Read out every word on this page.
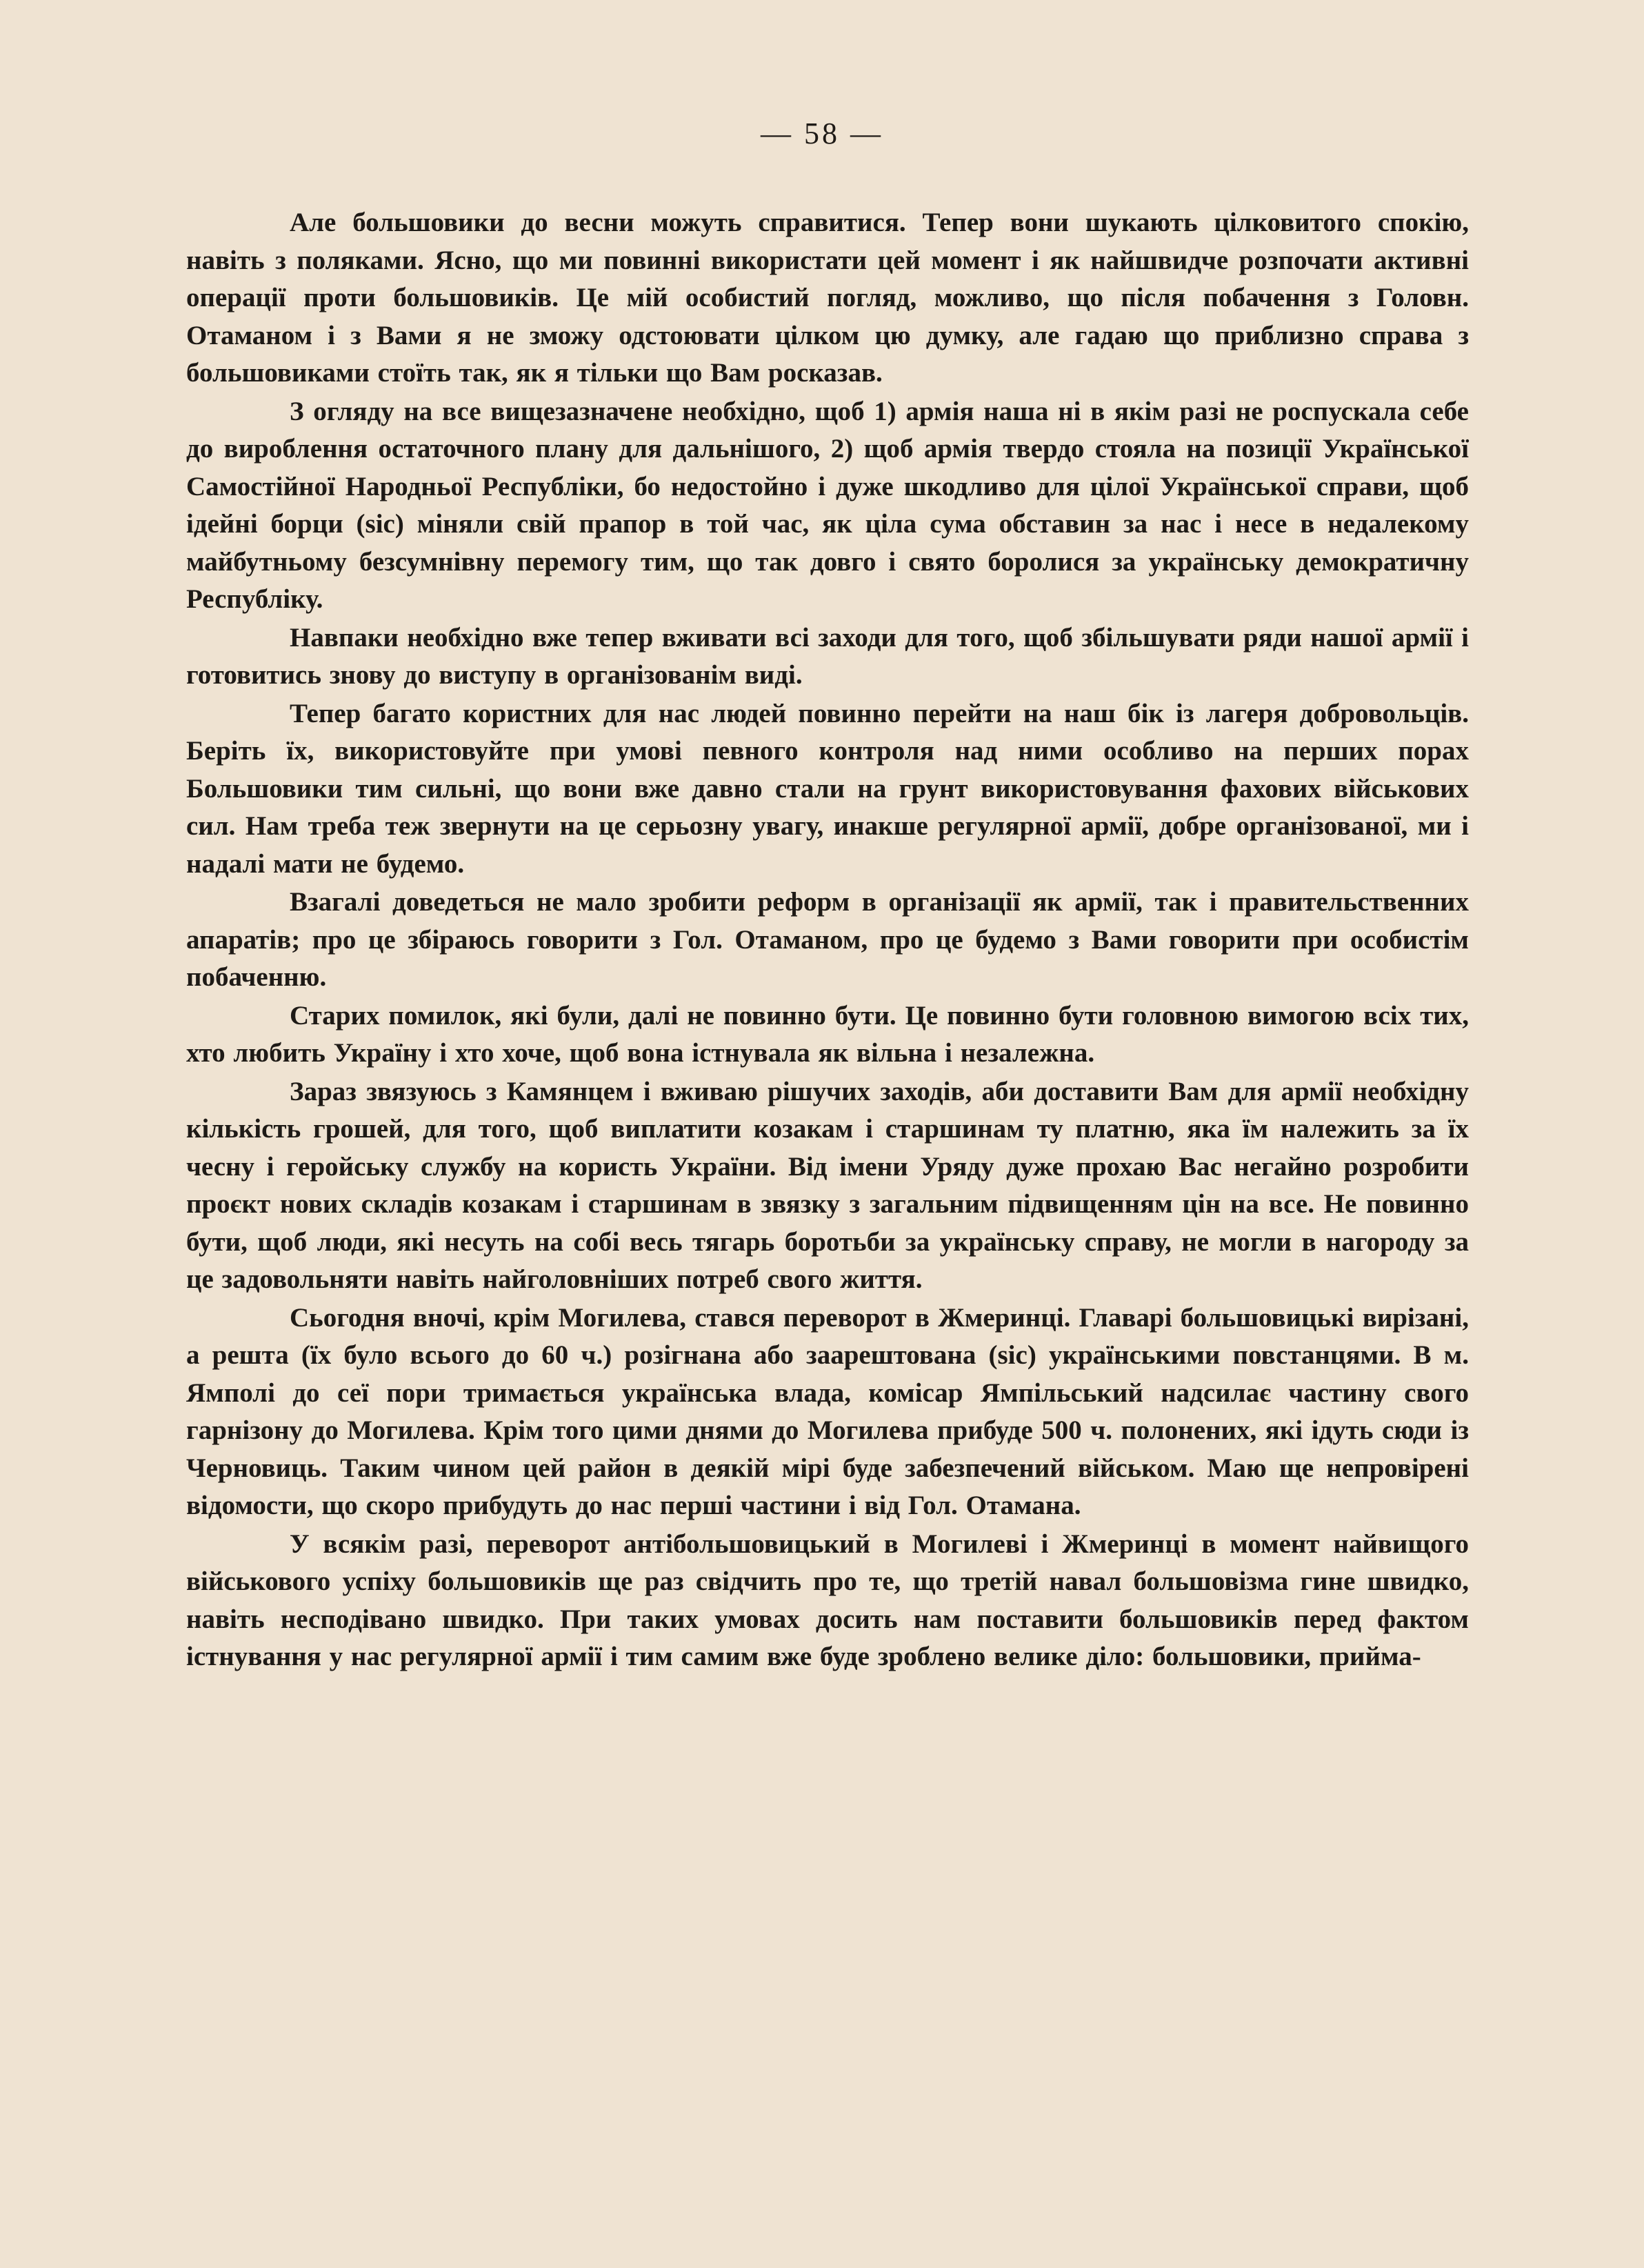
— 58 —

Але большовики до весни можуть справитися. Тепер вони шукають цілковитого спокію, навіть з поляками. Ясно, що ми повинні використати цей момент і як найшвидче розпочати активні операції проти большовиків. Це мій особистий погляд, можливо, що після побачення з Головн. Отаманом і з Вами я не зможу одстоювати цілком цю думку, але гадаю що приблизно справа з большовиками стоїть так, як я тільки що Вам росказав.

З огляду на все вищезазначене необхідно, щоб 1) армія наша ні в якім разі не роспускала себе до вироблення остаточного плану для дальнішого, 2) щоб армія твердо стояла на позиції Української Самостійної Народньої Республіки, бо недостойно і дуже шкодливо для цілої Української справи, щоб ідейні борци (sic) міняли свій прапор в той час, як ціла сума обставин за нас і несе в недалекому майбутньому безсумнівну перемогу тим, що так довго і свято боролися за українську демократичну Республіку.

Навпаки необхідно вже тепер вживати всі заходи для того, щоб збільшувати ряди нашої армії і готовитись знову до виступу в організованім виді.

Тепер багато користних для нас людей повинно перейти на наш бік із лагеря добровольців. Беріть їх, використовуйте при умові певного контроля над ними особливо на перших порах Большовики тим сильні, що вони вже давно стали на грунт використовування фахових військових сил. Нам треба теж звернути на це серьозну увагу, инакше регулярної армії, добре організованої, ми і надалі мати не будемо.

Взагалі доведеться не мало зробити реформ в організації як армії, так і правительственних апаратів; про це збіраюсь говорити з Гол. Отаманом, про це будемо з Вами говорити при особистім побаченню.

Старих помилок, які були, далі не повинно бути. Це повинно бути головною вимогою всіх тих, хто любить Україну і хто хоче, щоб вона істнувала як вільна і незалежна.

Зараз звязуюсь з Камянцем і вживаю рішучих заходів, аби доставити Вам для армії необхідну кількість грошей, для того, щоб виплатити козакам і старшинам ту платню, яка їм належить за їх чесну і геройську службу на користь України. Від імени Уряду дуже прохаю Вас негайно розробити проєкт нових складів козакам і старшинам в звязку з загальним підвищенням цін на все. Не повинно бути, щоб люди, які несуть на собі весь тягарь боротьби за українську справу, не могли в нагороду за це задовольняти навіть найголовніших потреб свого життя.

Сьогодня вночі, крім Могилева, стався переворот в Жмеринці. Главарі большовицькі вирізані, а решта (їх було всього до 60 ч.) розігнана або заарештована (sic) українськими повстанцями. В м. Ямполі до сеї пори тримається українська влада, комісар Ямпільський надсилає частину свого гарнізону до Могилева. Крім того цими днями до Могилева прибуде 500 ч. полонених, які ідуть сюди із Черновиць. Таким чином цей район в деякій мірі буде забезпечений військом. Маю ще непровірені відомости, що скоро прибудуть до нас перші частини і від Гол. Отамана.

У всякім разі, переворот антібольшовицький в Могилеві і Жмеринці в момент найвищого військового успіху большовиків ще раз свідчить про те, що третій навал большовізма гине швидко, навіть несподівано швидко. При таких умовах досить нам поставити большовиків перед фактом істнування у нас регулярної армії і тим самим вже буде зроблено велике діло: большовики, прийма-
